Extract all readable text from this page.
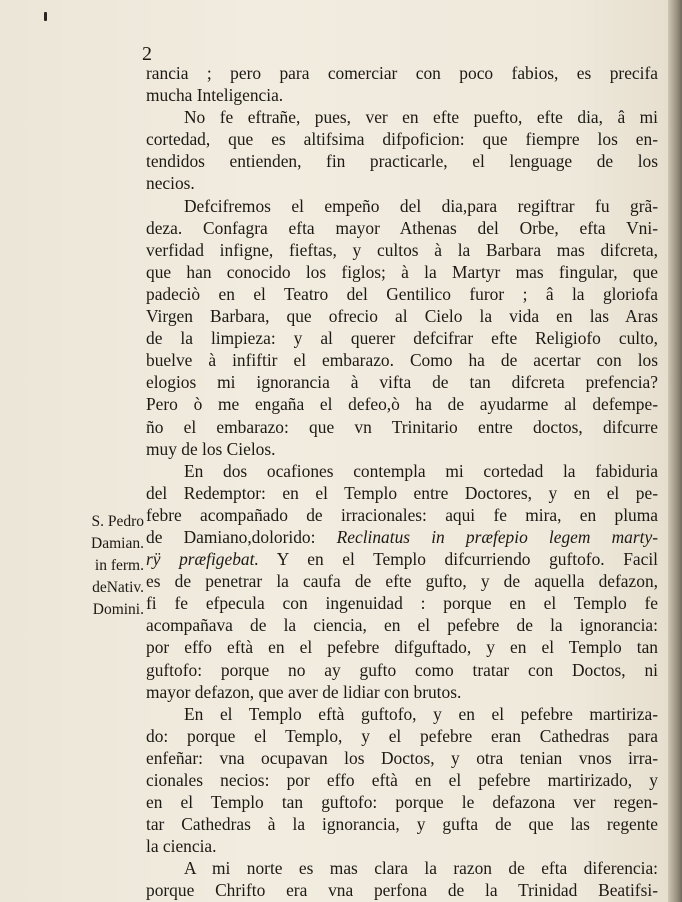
2
S. Pedro
Damian.
in ferm.
deNativ.
Domini.
rancia ; pero para comerciar con poco fabios, es precifa
mucha Inteligencia.
No fe eftrañe, pues, ver en efte puefto, efte dia, â mi
cortedad, que es altifsima difpoficion: que fiempre los en-
tendidos entienden, fin practicarle, el lenguage de los
necios.
Defcifremos el empeño del dia,para regiftrar fu grã-
deza. Confagra efta mayor Athenas del Orbe, efta Vni-
verfidad infigne, fieftas, y cultos à la Barbara mas difcreta,
que han conocido los figlos; à la Martyr mas fingular, que
padeciò en el Teatro del Gentilico furor ; â la gloriofa
Virgen Barbara, que ofrecio al Cielo la vida en las Aras
de la limpieza: y al querer defcifrar efte Religiofo culto,
buelve à infiftir el embarazo. Como ha de acertar con los
elogios mi ignorancia à vifta de tan difcreta prefencia?
Pero ò me engaña el defeo,ò ha de ayudarme al defempe-
ño el embarazo: que vn Trinitario entre doctos, difcurre
muy de los Cielos.
En dos ocafiones contempla mi cortedad la fabiduria
del Redemptor: en el Templo entre Doctores, y en el pe-
febre acompañado de irracionales: aqui fe mira, en pluma
de Damiano,dolorido: Reclinatus in præfepio legem marty-
rÿ præfigebat. Y en el Templo difcurriendo guftofo. Facil
es de penetrar la caufa de efte gufto, y de aquella defazon,
fi fe efpecula con ingenuidad : porque en el Templo fe
acompañava de la ciencia, en el pefebre de la ignorancia:
por effo eftà en el pefebre difguftado, y en el Templo tan
guftofo: porque no ay gufto como tratar con Doctos, ni
mayor defazon, que aver de lidiar con brutos.
En el Templo eftà guftofo, y en el pefebre martiriza-
do: porque el Templo, y el pefebre eran Cathedras para
enfeñar: vna ocupavan los Doctos, y otra tenian vnos irra-
cionales necios: por effo eftà en el pefebre martirizado, y
en el Templo tan guftofo: porque le defazona ver regen-
tar Cathedras à la ignorancia, y gufta de que las regente
la ciencia.
A mi norte es mas clara la razon de efta diferencia:
porque Chrifto era vna perfona de la Trinidad Beatifsi-
